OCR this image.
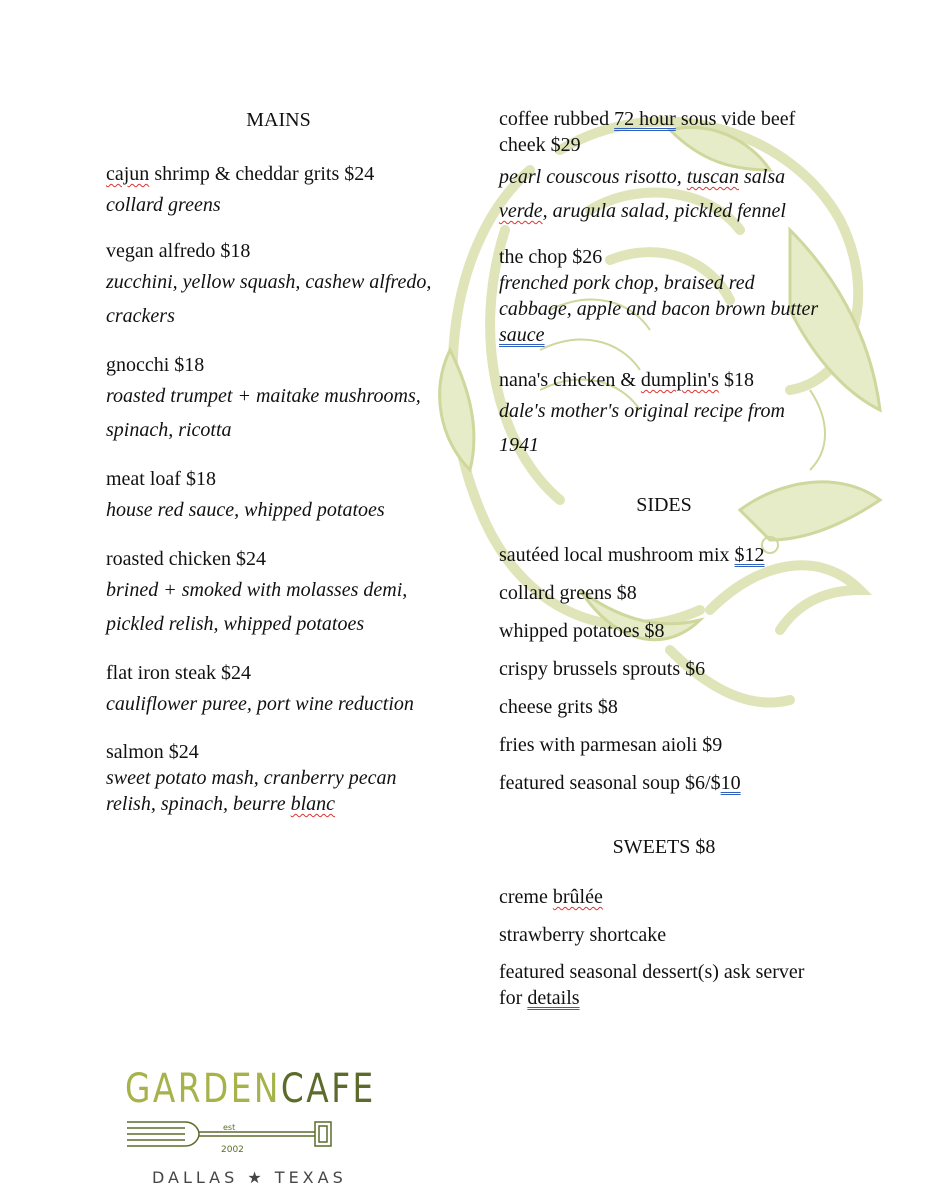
MAINS
cajun shrimp & cheddar grits $24
collard greens
vegan alfredo $18
zucchini, yellow squash, cashew alfredo, crackers
gnocchi $18
roasted trumpet + maitake mushrooms, spinach, ricotta
meat loaf $18
house red sauce, whipped potatoes
roasted chicken $24
brined + smoked with molasses demi, pickled relish, whipped potatoes
flat iron steak $24
cauliflower puree, port wine reduction
salmon $24
sweet potato mash, cranberry pecan relish, spinach, beurre blanc
coffee rubbed 72 hour sous vide beef cheek $29
pearl couscous risotto, tuscan salsa verde, arugula salad, pickled fennel
the chop $26
frenched pork chop, braised red cabbage, apple and bacon brown butter sauce
nana's chicken & dumplin's $18
dale's mother's original recipe from 1941
SIDES
sautéed local mushroom mix $12
collard greens $8
whipped potatoes $8
crispy brussels sprouts $6
cheese grits $8
fries with parmesan aioli $9
featured seasonal soup $6/$10
SWEETS $8
creme brûlée
strawberry shortcake
featured seasonal dessert(s) ask server for details
GARDENCAFE
est
2002
DALLAS ★ TEXAS
